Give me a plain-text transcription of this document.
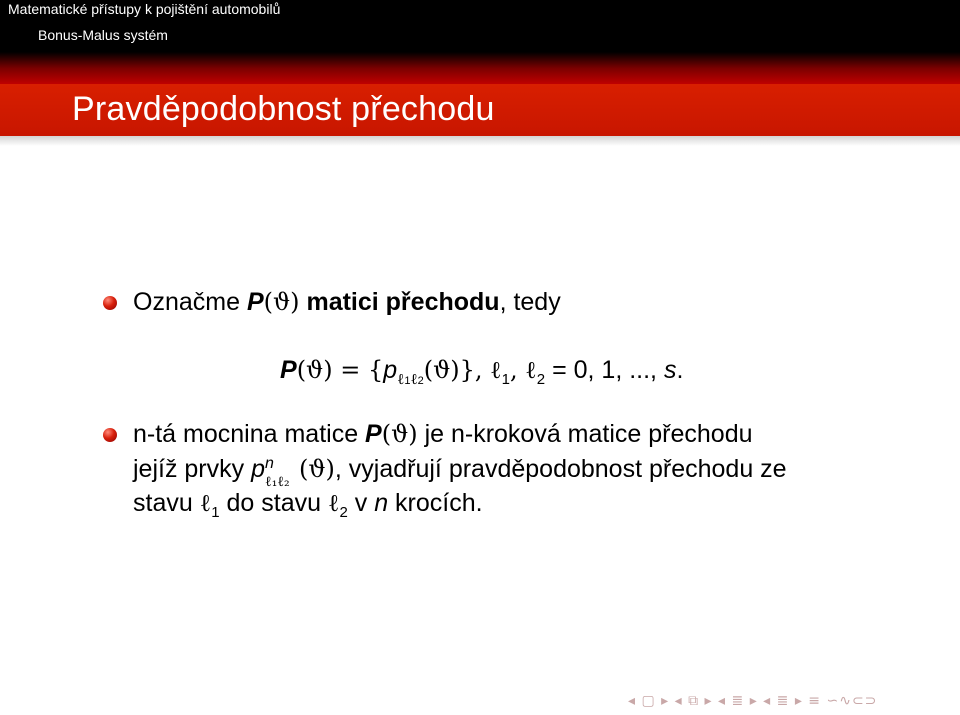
Matematické přístupy k pojištění automobilů
Bonus-Malus systém
Pravděpodobnost přechodu
Označme P(ϑ) matici přechodu, tedy
$P(ϑ) = \{p_{\ell 1\ell 2}(ϑ)\}$, ℓ$_1$, ℓ$_2$ = 0, 1, ..., s.
n-tá mocnina matice P(ϑ) je n-kroková matice přechodu
jejíž prvky p n
ℓ₁ℓ₂ (ϑ), vyjadřují pravděpodobnost přechodu ze
stavu ℓ$_1$ do stavu ℓ$_2$ v n krocích.
◂ ▢ ▸ ◂ ⧉ ▸ ◂ ≣ ▸ ◂ ≣ ▸ ≡ ∽∿⊂⊃
